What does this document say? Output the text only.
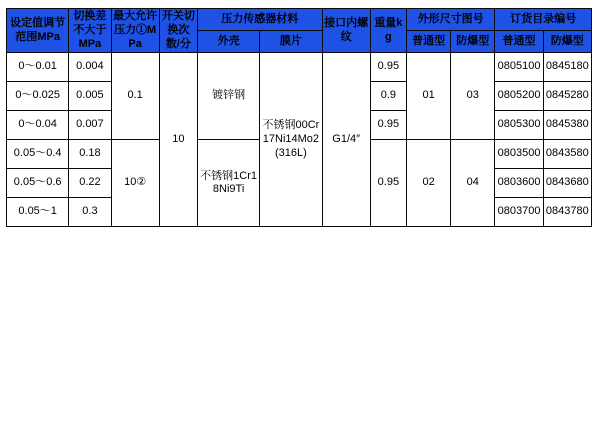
设定值调节范围MPa	切换差不大于MPa	最大允许压力①MPa	开关切换次数/分	压力传感器材料		接口内螺纹	重量kg	外形尺寸图号		订货目录编号	
				外壳	膜片			普通型	防爆型	普通型	防爆型
0～0.01	0.004	0.1	10	镀锌钢	不锈钢00Cr17Ni14Mo2(316L)	G1/4″	0.95	01	03	0805100	0845180
0～0.025	0.005						0.9			0805200	0845280
0～0.04	0.007						0.95			0805300	0845380
0.05～0.4	0.18	10②		不锈钢1Cr18Ni9Ti			0.95	02	04	0803500	0843580
0.05～0.6	0.22									0803600	0843680
0.05～1	0.3									0803700	0843780
